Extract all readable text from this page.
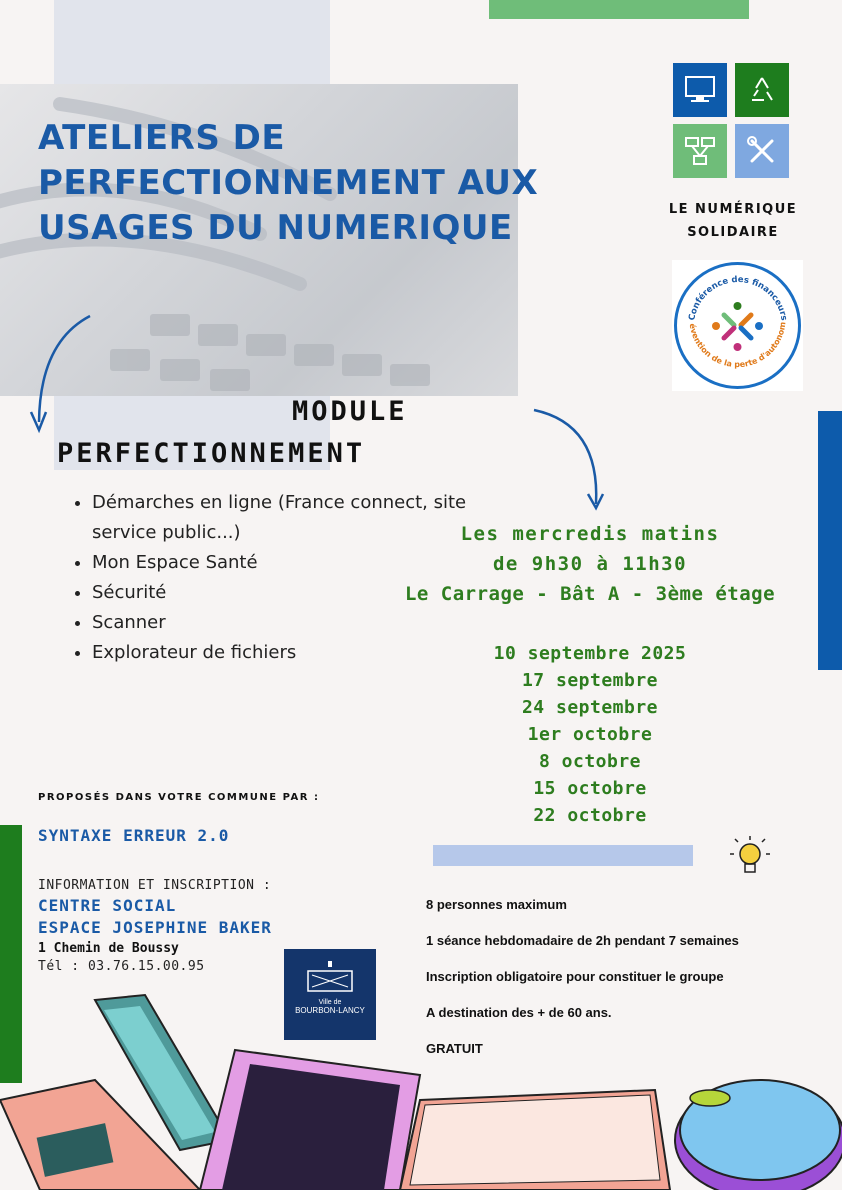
ATELIERS DE
PERFECTIONNEMENT AUX
USAGES DU NUMERIQUE	LE NUMÉRIQUE
SOLIDAIRE
Conférence des financeurs
évention de la perte d'autonom
MODULE
PERFECTIONNEMENT
• Démarches en ligne (France connect, site service public...)
• Mon Espace Santé
• Sécurité
• Scanner
• Explorateur de fichiers
Les mercredis matins
de 9h30 à 11h30
Le Carrage - Bât A - 3ème étage
10 septembre 2025
17 septembre
24 septembre
1er octobre
8 octobre
15 octobre
22 octobre
PROPOSÉS DANS VOTRE COMMUNE PAR :
SYNTAXE ERREUR 2.0
INFORMATION ET INSCRIPTION :
CENTRE SOCIAL
ESPACE JOSEPHINE BAKER
1 Chemin de Boussy
Tél : 03.76.15.00.95
Ville de
BOURBON-LANCY
8 personnes maximum
1 séance hebdomadaire de 2h pendant 7 semaines
Inscription obligatoire pour constituer le groupe
A destination des + de 60 ans.
GRATUIT
